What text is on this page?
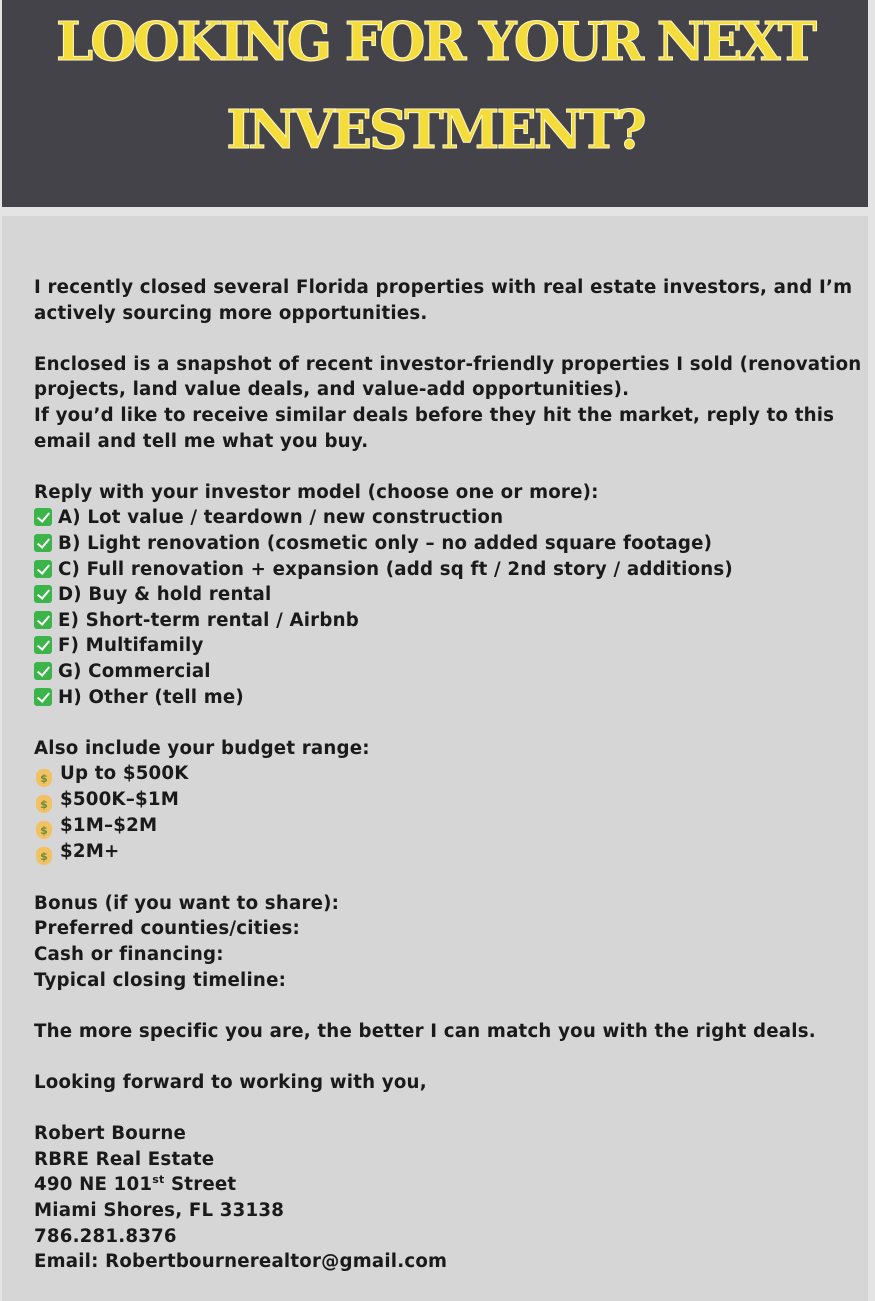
LOOKING FOR YOUR NEXT
INVESTMENT?

I recently closed several Florida properties with real estate investors, and I’m
actively sourcing more opportunities.

Enclosed is a snapshot of recent investor-friendly properties I sold (renovation
projects, land value deals, and value-add opportunities).
If you’d like to receive similar deals before they hit the market, reply to this
email and tell me what you buy.

Reply with your investor model (choose one or more):
A) Lot value / teardown / new construction
B) Light renovation (cosmetic only – no added square footage)
C) Full renovation + expansion (add sq ft / 2nd story / additions)
D) Buy & hold rental
E) Short-term rental / Airbnb
F) Multifamily
G) Commercial
H) Other (tell me)
Also include your budget range:
$ Up to $500K
$ $500K–$1M
$ $1M–$2M
$ $2M+
Bonus (if you want to share):
Preferred counties/cities:
Cash or financing:
Typical closing timeline:
The more specific you are, the better I can match you with the right deals.
Looking forward to working with you,
Robert Bourne
RBRE Real Estate
490 NE 101st Street
Miami Shores, FL 33138
786.281.8376
Email: Robertbournerealtor@gmail.com
